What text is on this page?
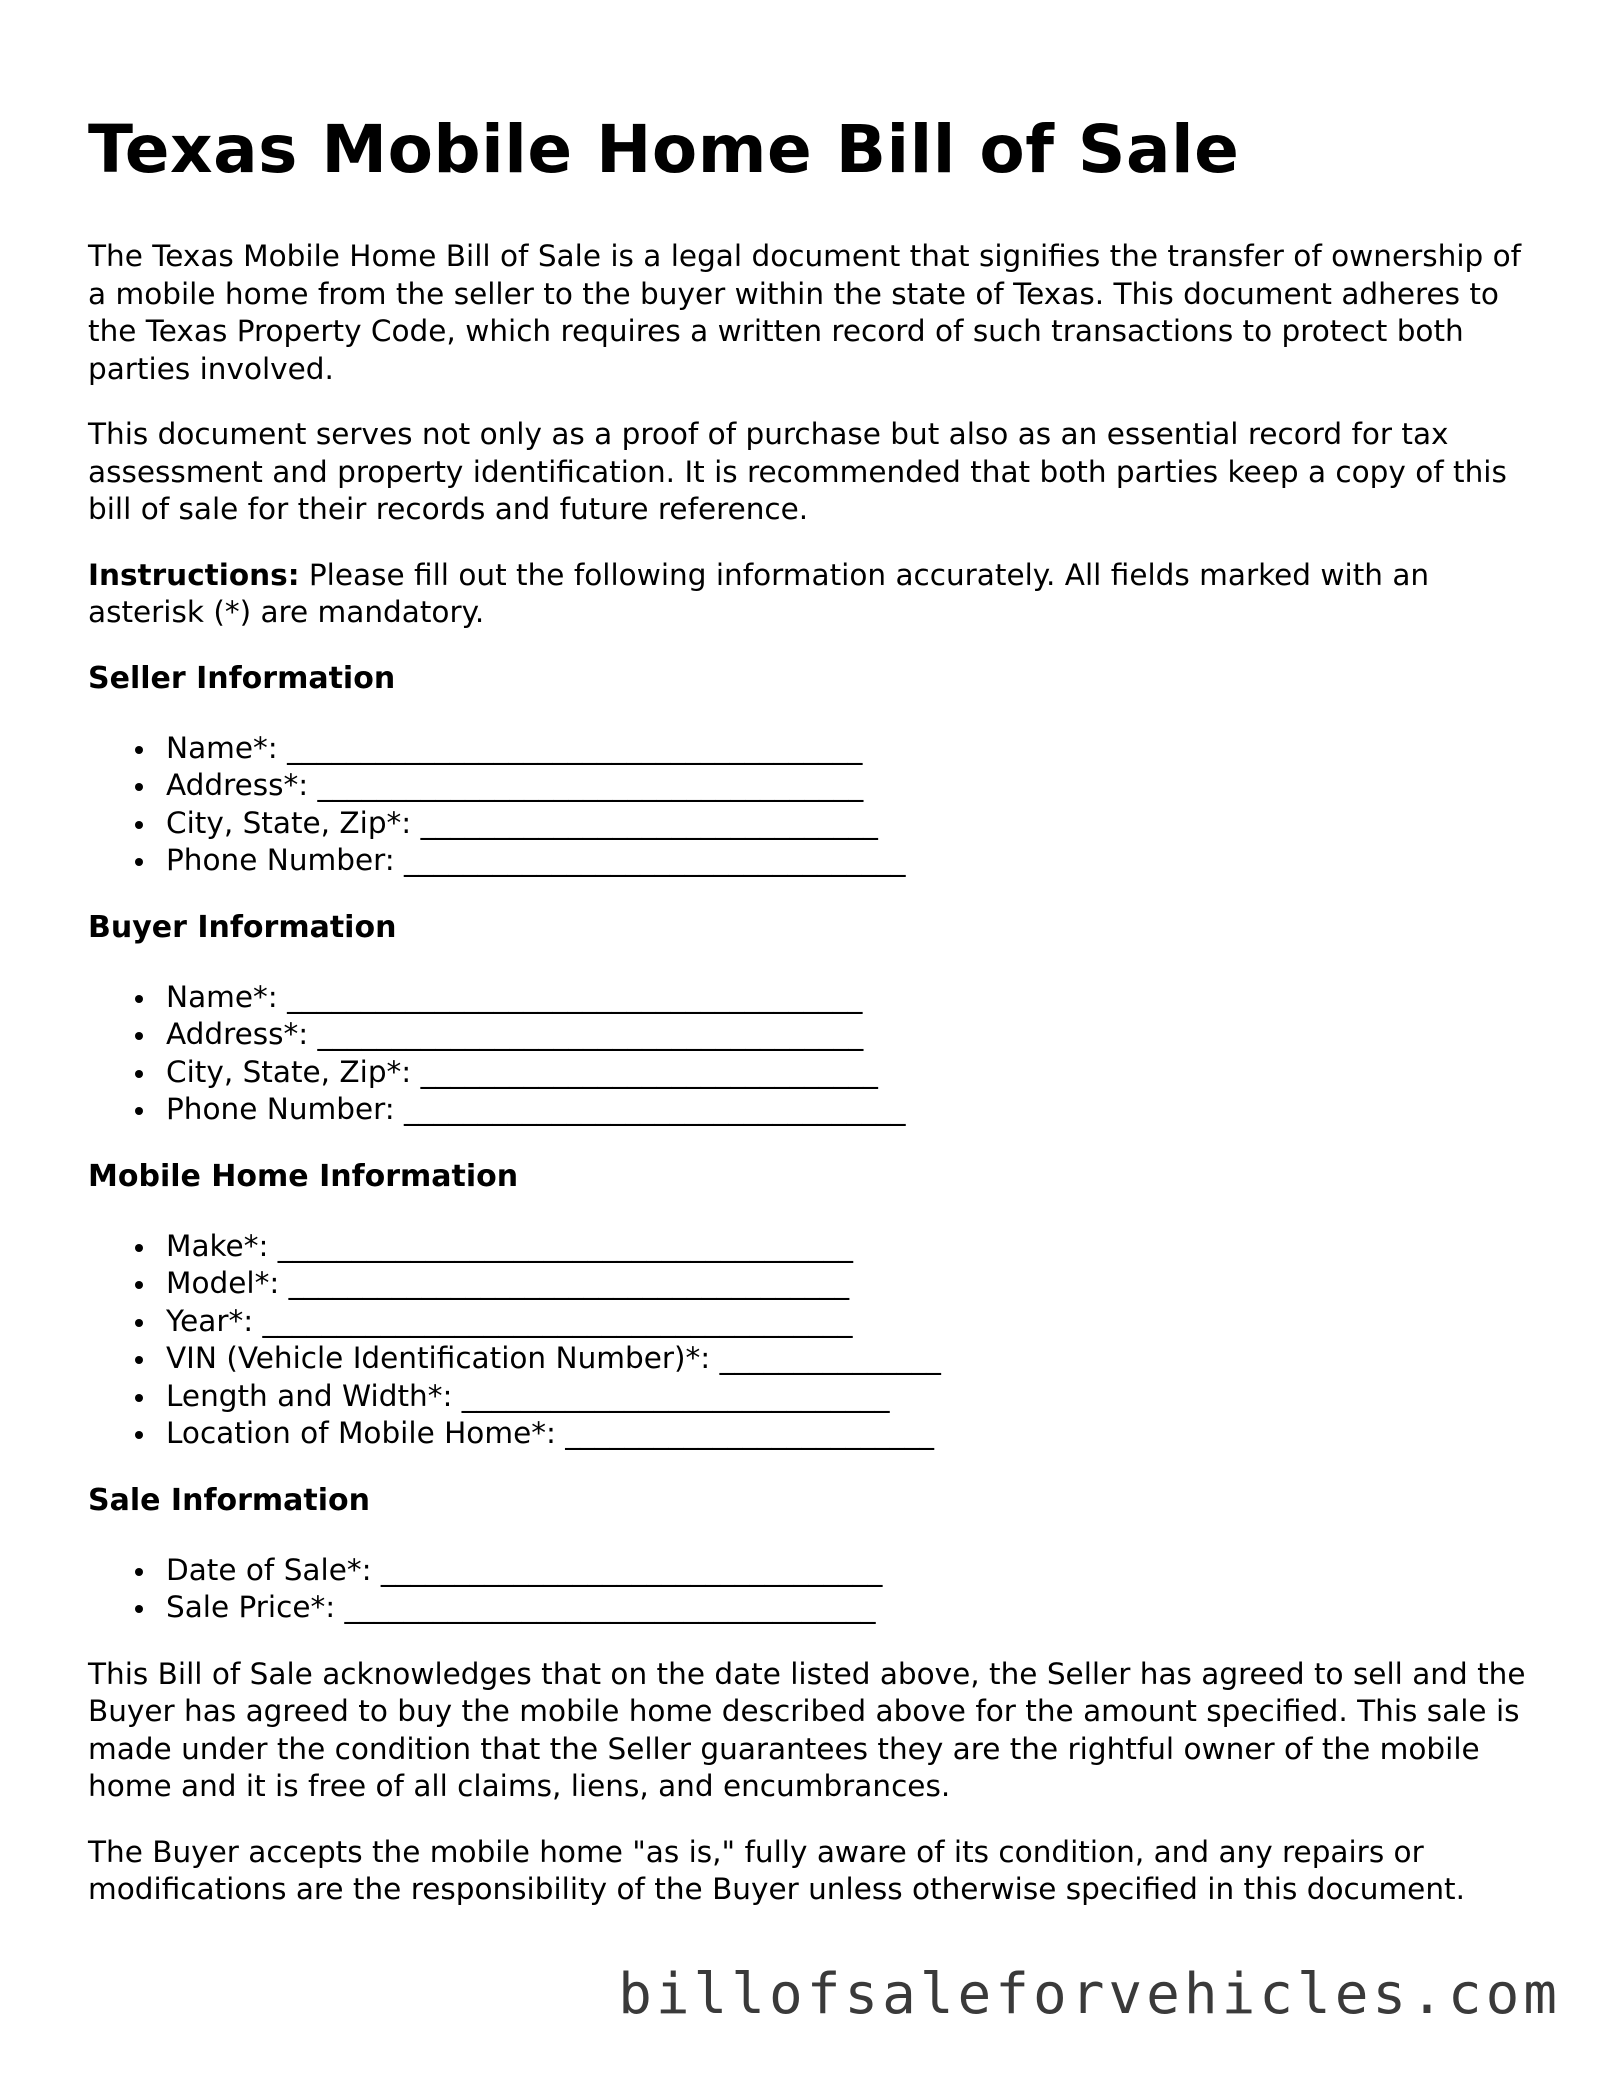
Texas Mobile Home Bill of Sale

The Texas Mobile Home Bill of Sale is a legal document that signifies the transfer of ownership of a mobile home from the seller to the buyer within the state of Texas. This document adheres to the Texas Property Code, which requires a written record of such transactions to protect both parties involved.

This document serves not only as a proof of purchase but also as an essential record for tax assessment and property identification. It is recommended that both parties keep a copy of this bill of sale for their records and future reference.

Instructions: Please fill out the following information accurately. All fields marked with an asterisk (*) are mandatory.

Seller Information
Name*: _______________________________________
Address*: _____________________________________
City, State, Zip*: _______________________________
Phone Number: __________________________________
Buyer Information
Name*: _______________________________________
Address*: _____________________________________
City, State, Zip*: _______________________________
Phone Number: __________________________________
Mobile Home Information
Make*: _______________________________________
Model*: ______________________________________
Year*: ________________________________________
VIN (Vehicle Identification Number)*: _______________
Length and Width*: _____________________________
Location of Mobile Home*: _________________________
Sale Information
Date of Sale*: __________________________________
Sale Price*: ____________________________________

This Bill of Sale acknowledges that on the date listed above, the Seller has agreed to sell and the Buyer has agreed to buy the mobile home described above for the amount specified. This sale is made under the condition that the Seller guarantees they are the rightful owner of the mobile home and it is free of all claims, liens, and encumbrances.

The Buyer accepts the mobile home "as is," fully aware of its condition, and any repairs or modifications are the responsibility of the Buyer unless otherwise specified in this document.

billofsaleforvehicles.com
